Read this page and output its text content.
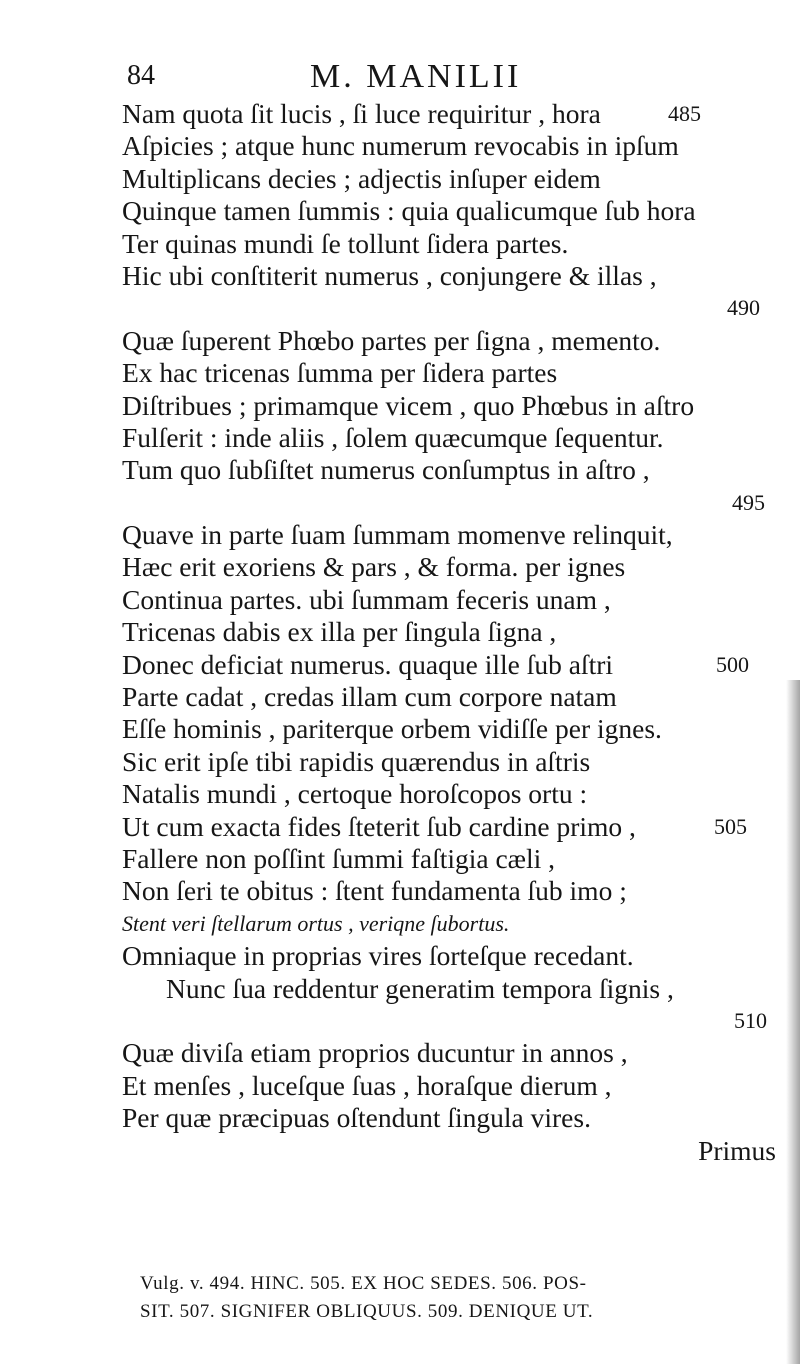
84	M. MANILII
Nam quota ſit lucis , ſi luce requiritur , hora	485
Aſpicies ; atque hunc numerum revocabis in ipſum
Multiplicans decies ; adjectis inſuper eidem
Quinque tamen ſummis : quia qualicumque ſub hora
Ter quinas mundi ſe tollunt ſidera partes.
Hic ubi conſtiterit numerus , conjungere & illas ,
490
Quæ ſuperent Phœbo partes per ſigna , memento.
Ex hac tricenas ſumma per ſidera partes
Diſtribues ; primamque vicem , quo Phœbus in aſtro
Fulſerit : inde aliis , ſolem quæcumque ſequentur.
Tum quo ſubſiſtet numerus conſumptus in aſtro ,
495
Quave in parte ſuam ſummam momenve relinquit,
Hæc erit exoriens & pars , & forma. per ignes
Continua partes. ubi ſummam feceris unam ,
Tricenas dabis ex illa per ſingula ſigna ,
Donec deficiat numerus. quaque ille ſub aſtri	500
Parte cadat , credas illam cum corpore natam
Eſſe hominis , pariterque orbem vidiſſe per ignes.
Sic erit ipſe tibi rapidis quærendus in aſtris
Natalis mundi , certoque horoſcopos ortu :
Ut cum exacta fides ſteterit ſub cardine primo ,	505
Fallere non poſſint ſummi faſtigia cæli ,
Non ſeri te obitus : ſtent fundamenta ſub imo ;
Stent veri ſtellarum ortus , veriqne ſubortus.
Omniaque in proprias vires ſorteſque recedant.
Nunc ſua reddentur generatim tempora ſignis ,
510
Quæ diviſa etiam proprios ducuntur in annos ,
Et menſes , luceſque ſuas , horaſque dierum ,
Per quæ præcipuas oſtendunt ſingula vires.
Primus
Vulg. v. 494. HINC. 505. EX HOC SEDES. 506. POS-
SIT. 507. SIGNIFER OBLIQUUS. 509. DENIQUE UT.
